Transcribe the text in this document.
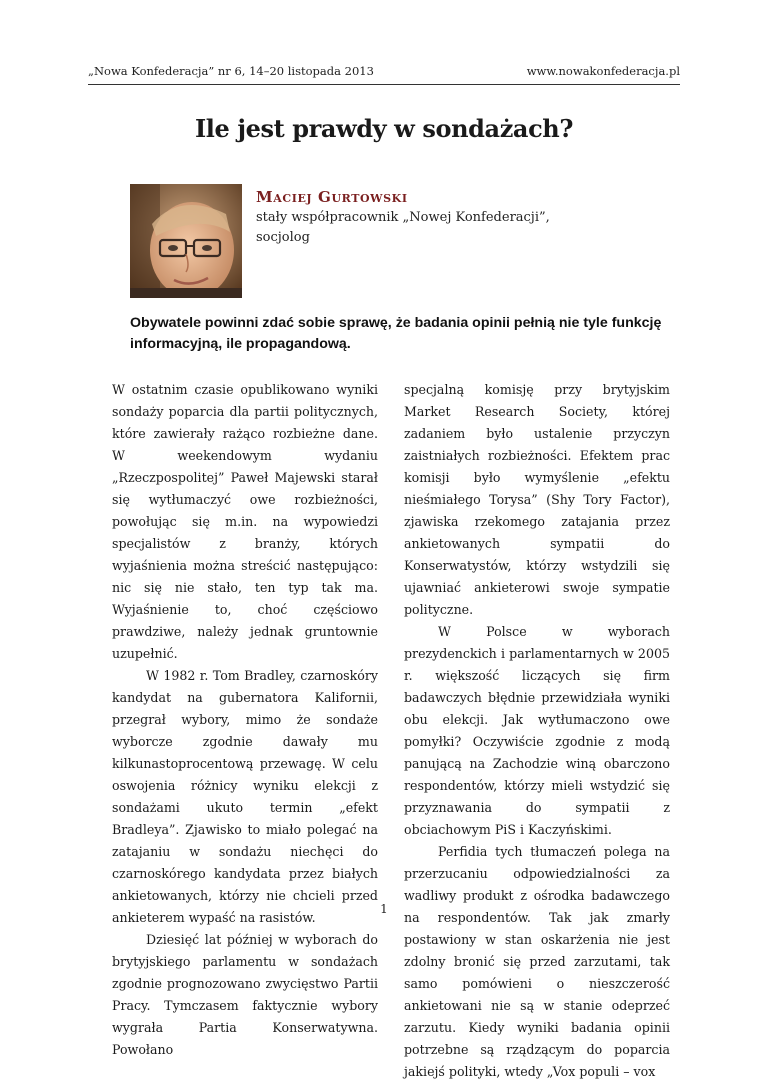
„Nowa Konfederacja” nr 6, 14–20 listopada 2013	www.nowakonfederacja.pl
Ile jest prawdy w sondażach?
Maciej Gurtowski
stały współpracownik „Nowej Konfederacji”, socjolog

Obywatele powinni zdać sobie sprawę, że badania opinii pełnią nie tyle funkcję informacyjną, ile propagandową.

W ostatnim czasie opublikowano wyniki sondaży poparcia dla partii politycznych, które zawierały rażąco rozbieżne dane. W weekendowym wydaniu „Rzeczpospolitej” Paweł Majewski starał się wytłumaczyć owe rozbieżności, powołując się m.in. na wypowiedzi specjalistów z branży, których wyjaśnienia można streścić następująco: nic się nie stało, ten typ tak ma. Wyjaśnienie to, choć częściowo prawdziwe, należy jednak gruntownie uzupełnić.

W 1982 r. Tom Bradley, czarnoskóry kandydat na gubernatora Kalifornii, przegrał wybory, mimo że sondaże wyborcze zgodnie dawały mu kilkunastoprocentową przewagę. W celu oswojenia różnicy wyniku elekcji z sondażami ukuto termin „efekt Bradleya”. Zjawisko to miało polegać na zatajaniu w sondażu niechęci do czarnoskórego kandydata przez białych ankietowanych, którzy nie chcieli przed ankieterem wypaść na rasistów.

Dziesięć lat później w wyborach do brytyjskiego parlamentu w sondażach zgodnie prognozowano zwycięstwo Partii Pracy. Tymczasem faktycznie wybory wygrała Partia Konserwatywna. Powołano

specjalną komisję przy brytyjskim Market Research Society, której zadaniem było ustalenie przyczyn zaistniałych rozbieżności. Efektem prac komisji było wymyślenie „efektu nieśmiałego Torysa” (Shy Tory Factor), zjawiska rzekomego zatajania przez ankietowanych sympatii do Konserwatystów, którzy wstydzili się ujawniać ankieterowi swoje sympatie polityczne.

W Polsce w wyborach prezydenckich i parlamentarnych w 2005 r. większość liczących się firm badawczych błędnie przewidziała wyniki obu elekcji. Jak wytłumaczono owe pomyłki? Oczywiście zgodnie z modą panującą na Zachodzie winą obarczono respondentów, którzy mieli wstydzić się przyznawania do sympatii z obciachowym PiS i Kaczyńskimi.

Perfidia tych tłumaczeń polega na przerzucaniu odpowiedzialności za wadliwy produkt z ośrodka badawczego na respondentów. Tak jak zmarły postawiony w stan oskarżenia nie jest zdolny bronić się przed zarzutami, tak samo pomówieni o nieszczerość ankietowani nie są w stanie odeprzeć zarzutu. Kiedy wyniki badania opinii potrzebne są rządzącym do poparcia jakiejś polityki, wtedy „Vox populi – vox

1
